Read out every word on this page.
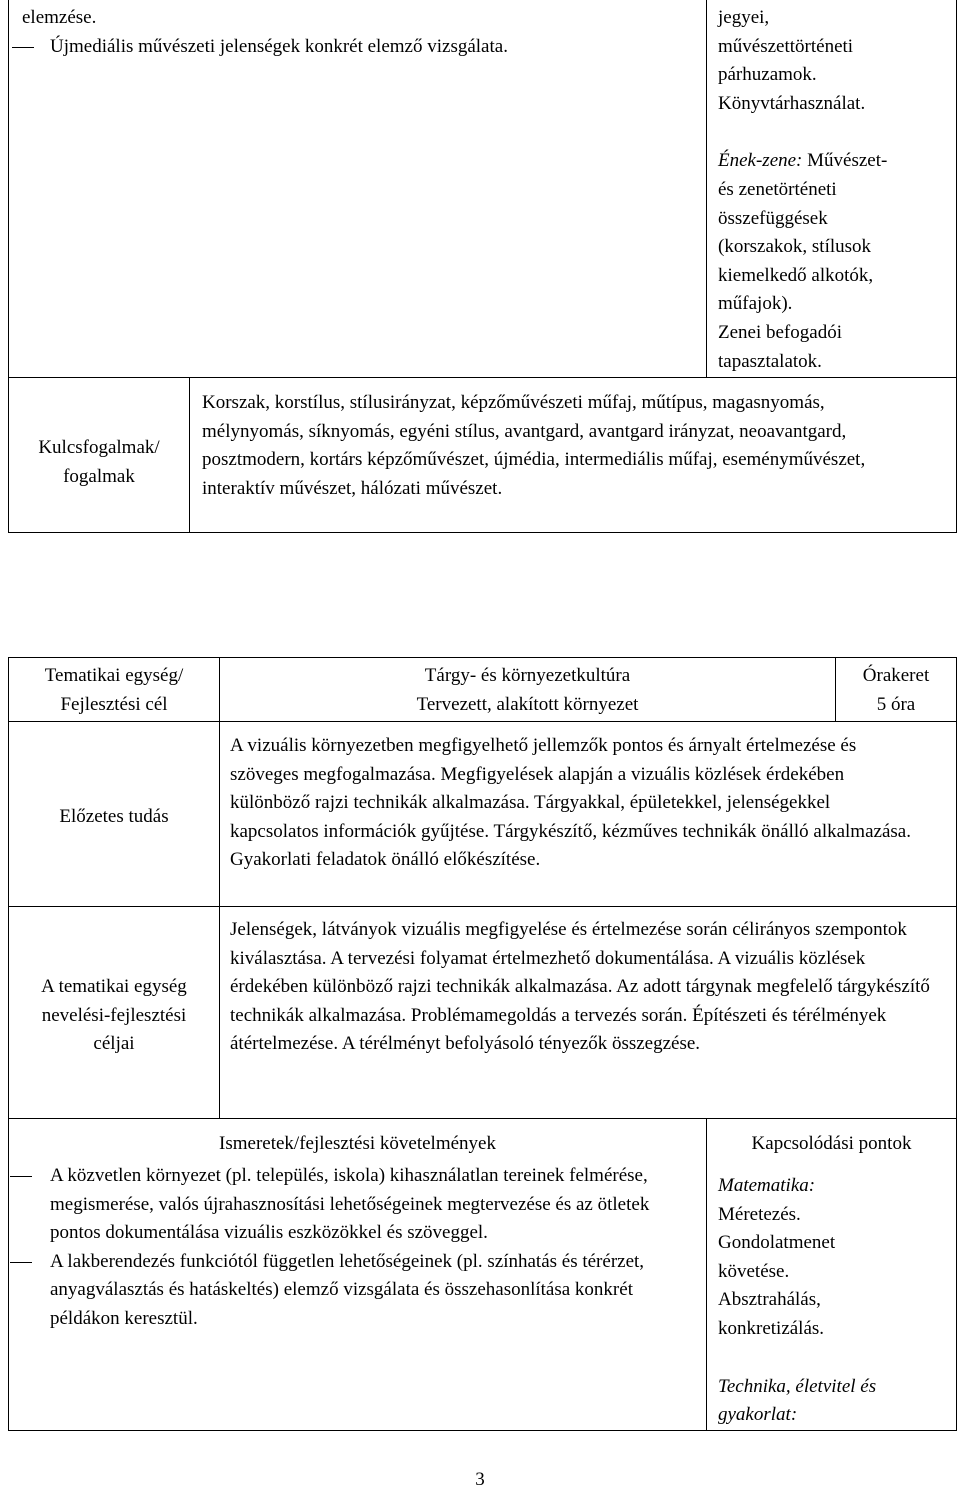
elemzése.
Újmediális művészeti jelenségek konkrét elemző vizsgálata.
jegyei,
művészettörténeti
párhuzamok.
Könyvtárhasználat.
Ének-zene: Művészet-
és zenetörténeti
összefüggések
(korszakok, stílusok
kiemelkedő alkotók,
műfajok).
Zenei befogadói
tapasztalatok.
Kulcsfogalmak/
fogalmak
Korszak, korstílus, stílusirányzat, képzőművészeti műfaj, műtípus, magasnyomás, mélynyomás, síknyomás, egyéni stílus, avantgard, avantgard irányzat, neoavantgard, posztmodern, kortárs képzőművészet, újmédia, intermediális műfaj, eseményművészet, interaktív művészet, hálózati művészet.
Tematikai egység/
Fejlesztési cél
Tárgy- és környezetkultúra
Tervezett, alakított környezet
Órakeret
5 óra
Előzetes tudás
A vizuális környezetben megfigyelhető jellemzők pontos és árnyalt értelmezése és szöveges megfogalmazása. Megfigyelések alapján a vizuális közlések érdekében különböző rajzi technikák alkalmazása. Tárgyakkal, épületekkel, jelenségekkel kapcsolatos információk gyűjtése. Tárgykészítő, kézműves technikák önálló alkalmazása. Gyakorlati feladatok önálló előkészítése.
A tematikai egység
nevelési-fejlesztési
céljai
Jelenségek, látványok vizuális megfigyelése és értelmezése során célirányos szempontok kiválasztása. A tervezési folyamat értelmezhető dokumentálása. A vizuális közlések érdekében különböző rajzi technikák alkalmazása. Az adott tárgynak megfelelő tárgykészítő technikák alkalmazása. Problémamegoldás a tervezés során. Építészeti és térélmények átértelmezése. A térélményt befolyásoló tényezők összegzése.
Ismeretek/fejlesztési követelmények	Kapcsolódási pontok
A közvetlen környezet (pl. település, iskola) kihasználatlan tereinek felmérése, megismerése, valós újrahasznosítási lehetőségeinek megtervezése és az ötletek pontos dokumentálása vizuális eszközökkel és szöveggel.
A lakberendezés funkciótól független lehetőségeinek (pl. színhatás és térérzet, anyagválasztás és hatáskeltés) elemző vizsgálata és összehasonlítása konkrét példákon keresztül.
Matematika:
Méretezés.
Gondolatmenet
követése.
Absztrahálás,
konkretizálás.
Technika, életvitel és gyakorlat:
3
